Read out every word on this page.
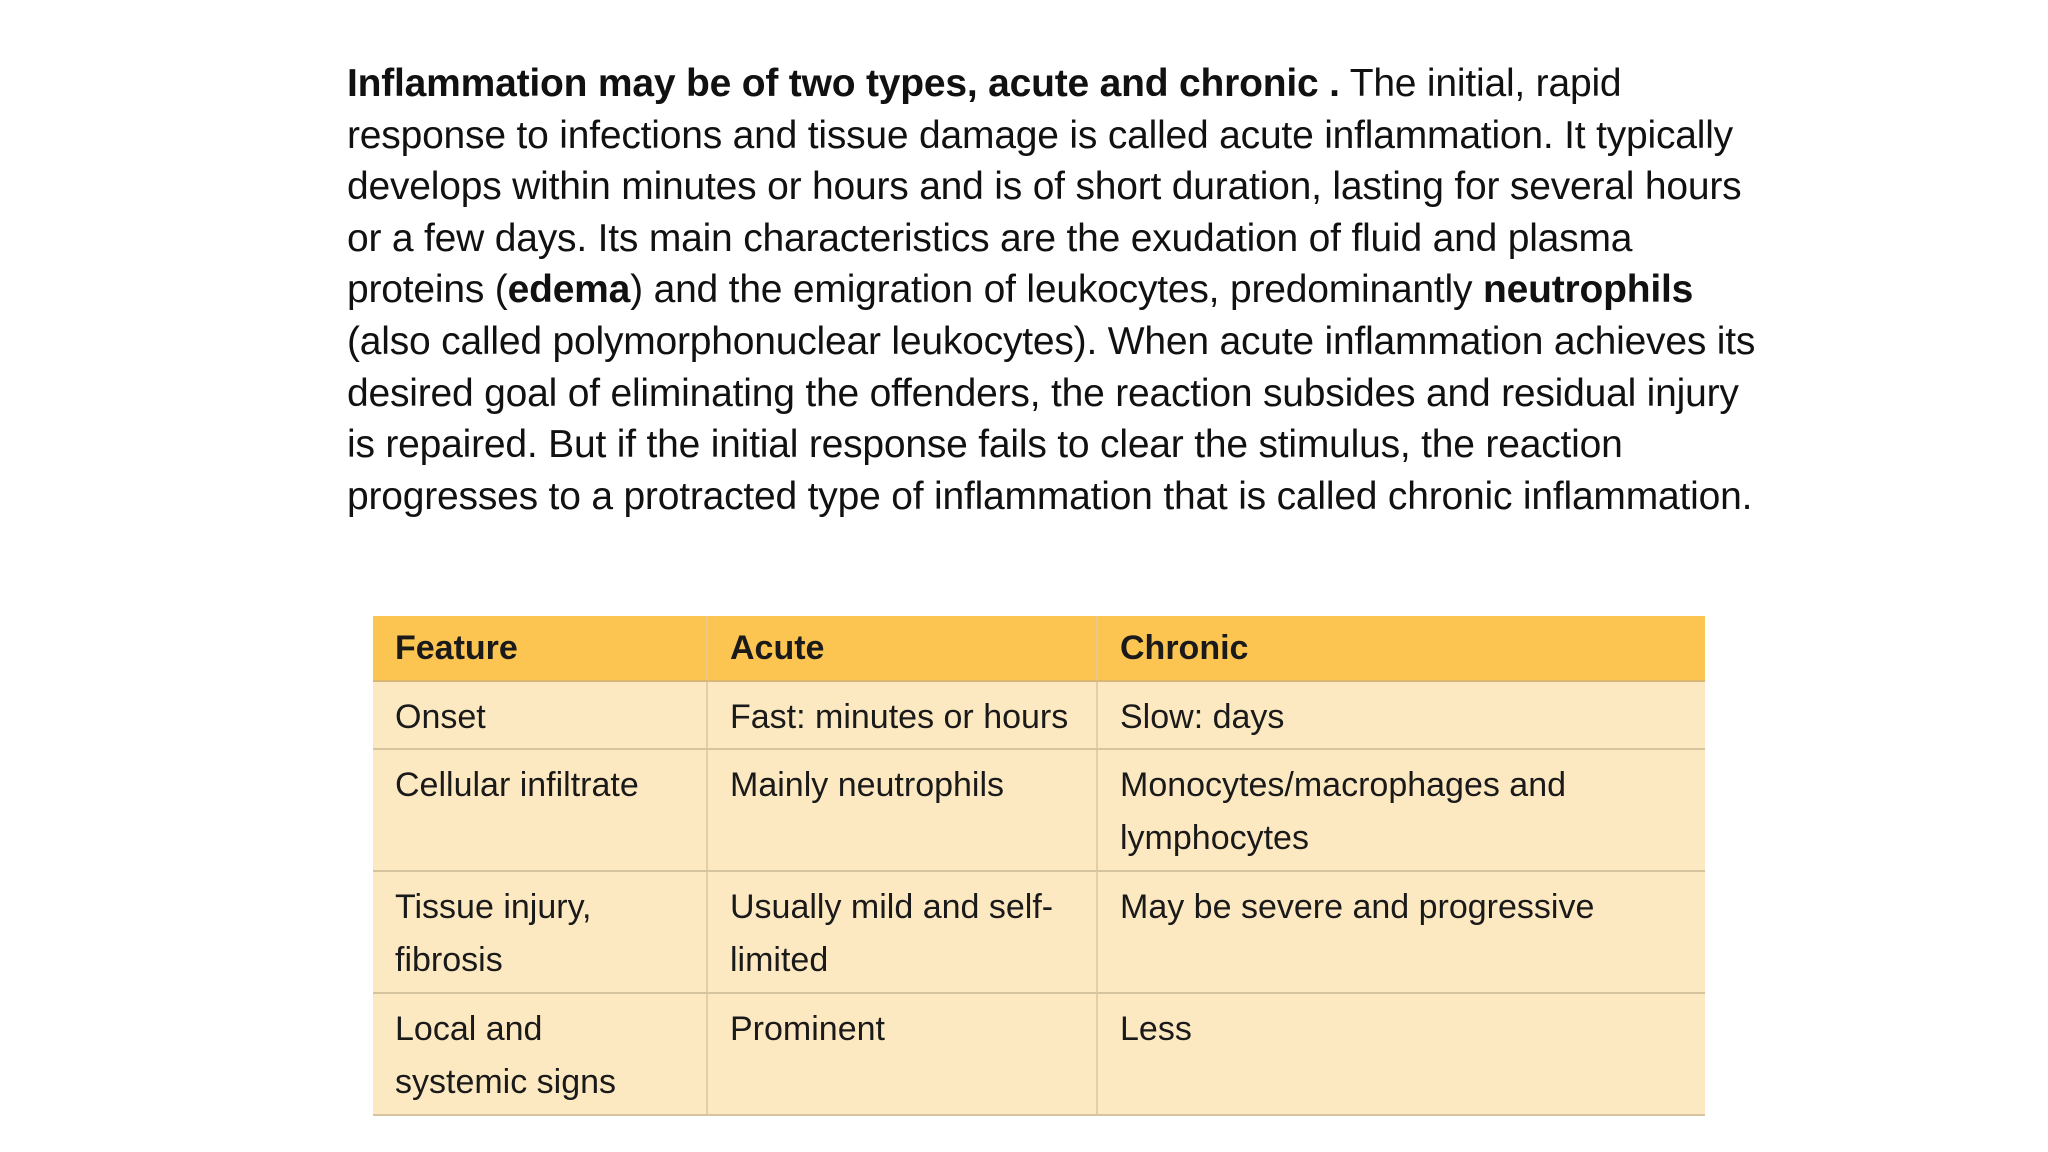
Inflammation may be of two types, acute and chronic . The initial, rapid response to infections and tissue damage is called acute inflammation. It typically develops within minutes or hours and is of short duration, lasting for several hours or a few days. Its main characteristics are the exudation of fluid and plasma proteins (edema) and the emigration of leukocytes, predominantly neutrophils (also called polymorphonuclear leukocytes). When acute inflammation achieves its desired goal of eliminating the offenders, the reaction subsides and residual injury is repaired. But if the initial response fails to clear the stimulus, the reaction progresses to a protracted type of inflammation that is called chronic inflammation.
Feature	Acute	Chronic
Onset	Fast: minutes or hours	Slow: days
Cellular infiltrate	Mainly neutrophils	Monocytes/macrophages and lymphocytes
Tissue injury, fibrosis	Usually mild and self-limited	May be severe and progressive
Local and systemic signs	Prominent	Less
